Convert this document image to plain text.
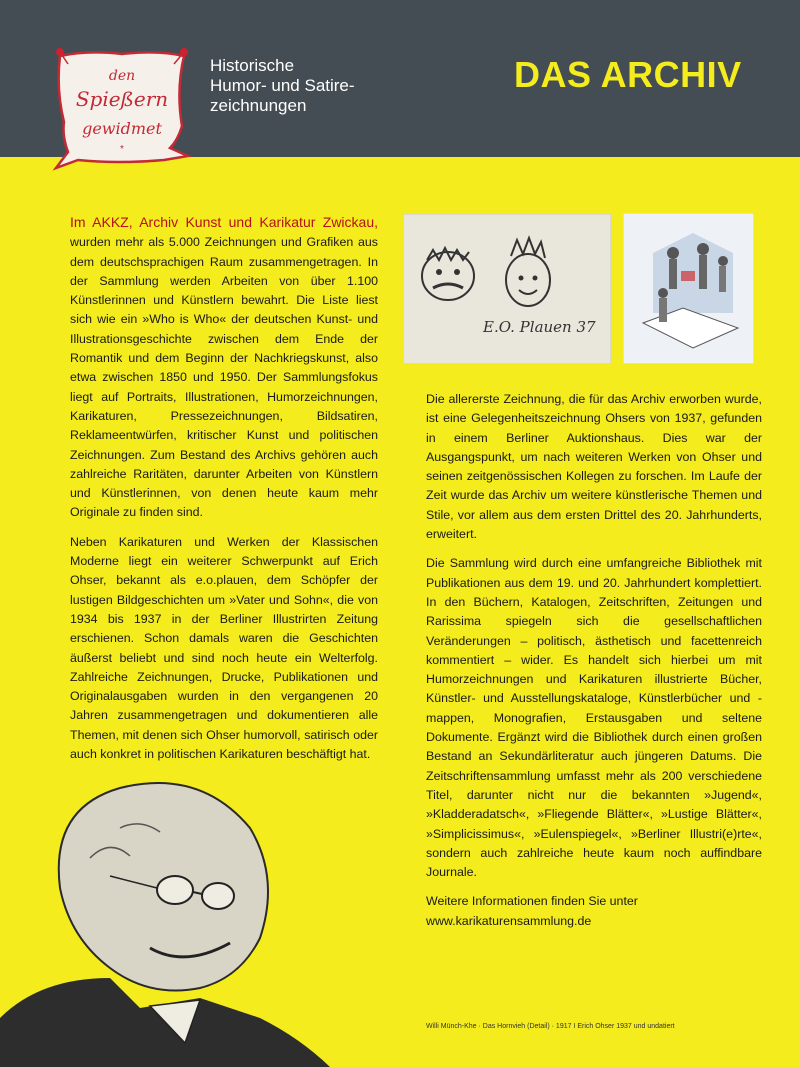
den
Spießern
gewidmet
*
Historische
Humor- und Satire-
zeichnungen
DAS ARCHIV

Im AKKZ, Archiv Kunst und Karikatur Zwickau, wurden mehr als 5.000 Zeichnungen und Grafiken aus dem deutschsprachigen Raum zusammengetragen. In der Sammlung werden Arbeiten von über 1.100 Künstlerinnen und Künstlern bewahrt. Die Liste liest sich wie ein »Who is Who« der deutschen Kunst- und Illustrationsgeschichte zwischen dem Ende der Romantik und dem Beginn der Nachkriegskunst, also etwa zwischen 1850 und 1950. Der Sammlungsfokus liegt auf Portraits, Illustrationen, Humorzeichnungen, Karikaturen, Pressezeichnungen, Bildsatiren, Reklameentwürfen, kritischer Kunst und politischen Zeichnungen. Zum Bestand des Archivs gehören auch zahlreiche Raritäten, darunter Arbeiten von Künstlern und Künstlerinnen, von denen heute kaum mehr Originale zu finden sind.

Neben Karikaturen und Werken der Klassischen Moderne liegt ein weiterer Schwerpunkt auf Erich Ohser, bekannt als e.o.plauen, dem Schöpfer der lustigen Bildgeschichten um »Vater und Sohn«, die von 1934 bis 1937 in der Berliner Illustrirten Zeitung erschienen. Schon damals waren die Geschichten äußerst beliebt und sind noch heute ein Welterfolg. Zahlreiche Zeichnungen, Drucke, Publikationen und Originalausgaben wurden in den vergangenen 20 Jahren zusammengetragen und dokumentieren alle Themen, mit denen sich Ohser humorvoll, satirisch oder auch konkret in politischen Karikaturen beschäftigt hat.

E.O. Plauen 37

Die allererste Zeichnung, die für das Archiv erworben wurde, ist eine Gelegenheitszeichnung Ohsers von 1937, gefunden in einem Berliner Auktionshaus. Dies war der Ausgangspunkt, um nach weiteren Werken von Ohser und seinen zeitgenössischen Kollegen zu forschen. Im Laufe der Zeit wurde das Archiv um weitere künstlerische Themen und Stile, vor allem aus dem ersten Drittel des 20. Jahrhunderts, erweitert.

Die Sammlung wird durch eine umfangreiche Bibliothek mit Publikationen aus dem 19. und 20. Jahrhundert komplettiert. In den Büchern, Katalogen, Zeitschriften, Zeitungen und Rarissima spiegeln sich die gesellschaftlichen Veränderungen – politisch, ästhetisch und facettenreich kommentiert – wider. Es handelt sich hierbei um mit Humorzeichnungen und Karikaturen illustrierte Bücher, Künstler- und Ausstellungskataloge, Künstlerbücher und -mappen, Monografien, Erstausgaben und seltene Dokumente. Ergänzt wird die Bibliothek durch einen großen Bestand an Sekundärliteratur auch jüngeren Datums. Die Zeitschriftensammlung umfasst mehr als 200 verschiedene Titel, darunter nicht nur die bekannten »Jugend«, »Kladderadatsch«, »Fliegende Blätter«, »Lustige Blätter«, »Simplicissimus«, »Eulenspiegel«, »Berliner Illustri(e)rte«, sondern auch zahlreiche heute kaum noch auffindbare Journale.

Weitere Informationen finden Sie unter
www.karikaturensammlung.de

Willi Münch-Khe · Das Hornvieh (Detail) · 1917 I Erich Ohser 1937 und undatiert
